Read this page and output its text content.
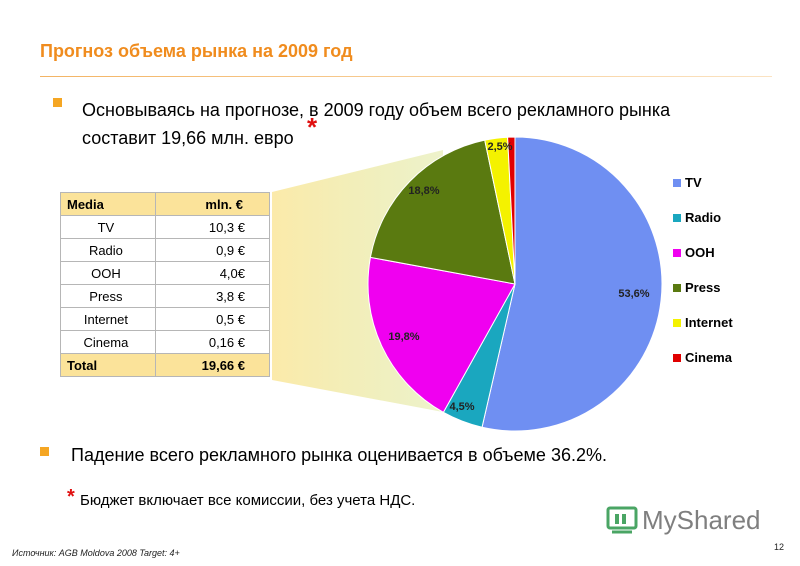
Прогноз объема рынка на 2009 год
Основываясь на прогнозе, в 2009 году объем всего рекламного рынка составит 19,66 млн. евро *
53,6%
4,5%
19,8%
18,8%
2,5%
TV
Radio
OOH
Press
Internet
Cinema
Media	mln. €
TV	10,3 €
Radio	0,9 €
OOH	4,0€
Press	3,8 €
Internet	0,5 €
Cinema	0,16 €
Total	19,66 €
Падение всего рекламного рынка оценивается в объеме 36.2%.
* Бюджет включает все комиссии, без учета НДС.
MyShared
Источник: AGB Moldova 2008 Target: 4+
12
